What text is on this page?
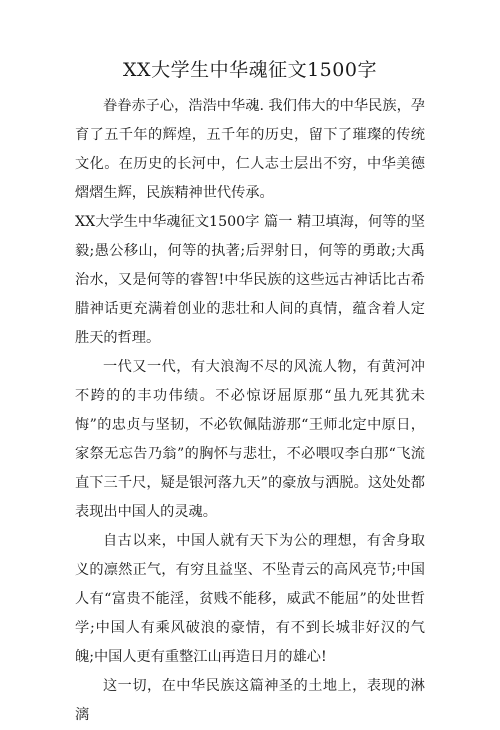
XX大学生中华魂征文1500字

眷眷赤子心，浩浩中华魂. 我们伟大的中华民族，孕育了五千年的辉煌，五千年的历史，留下了璀璨的传统文化。在历史的长河中，仁人志士层出不穷，中华美德熠熠生辉，民族精神世代传承。

XX大学生中华魂征文1500字 篇一 精卫填海，何等的坚毅;愚公移山，何等的执著;后羿射日，何等的勇敢;大禹治水，又是何等的睿智!中华民族的这些远古神话比古希腊神话更充满着创业的悲壮和人间的真情，蕴含着人定胜天的哲理。

一代又一代，有大浪淘不尽的风流人物，有黄河冲不跨的的丰功伟绩。不必惊讶屈原那“虽九死其犹未悔”的忠贞与坚韧，不必钦佩陆游那“王师北定中原日，家祭无忘告乃翁”的胸怀与悲壮，不必喂叹李白那“飞流直下三千尺，疑是银河落九天”的豪放与洒脱。这处处都表现出中国人的灵魂。

自古以来，中国人就有天下为公的理想，有舍身取义的凛然正气，有穷且益坚、不坠青云的高风亮节;中国人有“富贵不能淫，贫贱不能移，威武不能屈”的处世哲学;中国人有乘风破浪的豪情，有不到长城非好汉的气魄;中国人更有重整江山再造日月的雄心!

这一切，在中华民族这篇神圣的土地上，表现的淋漓
